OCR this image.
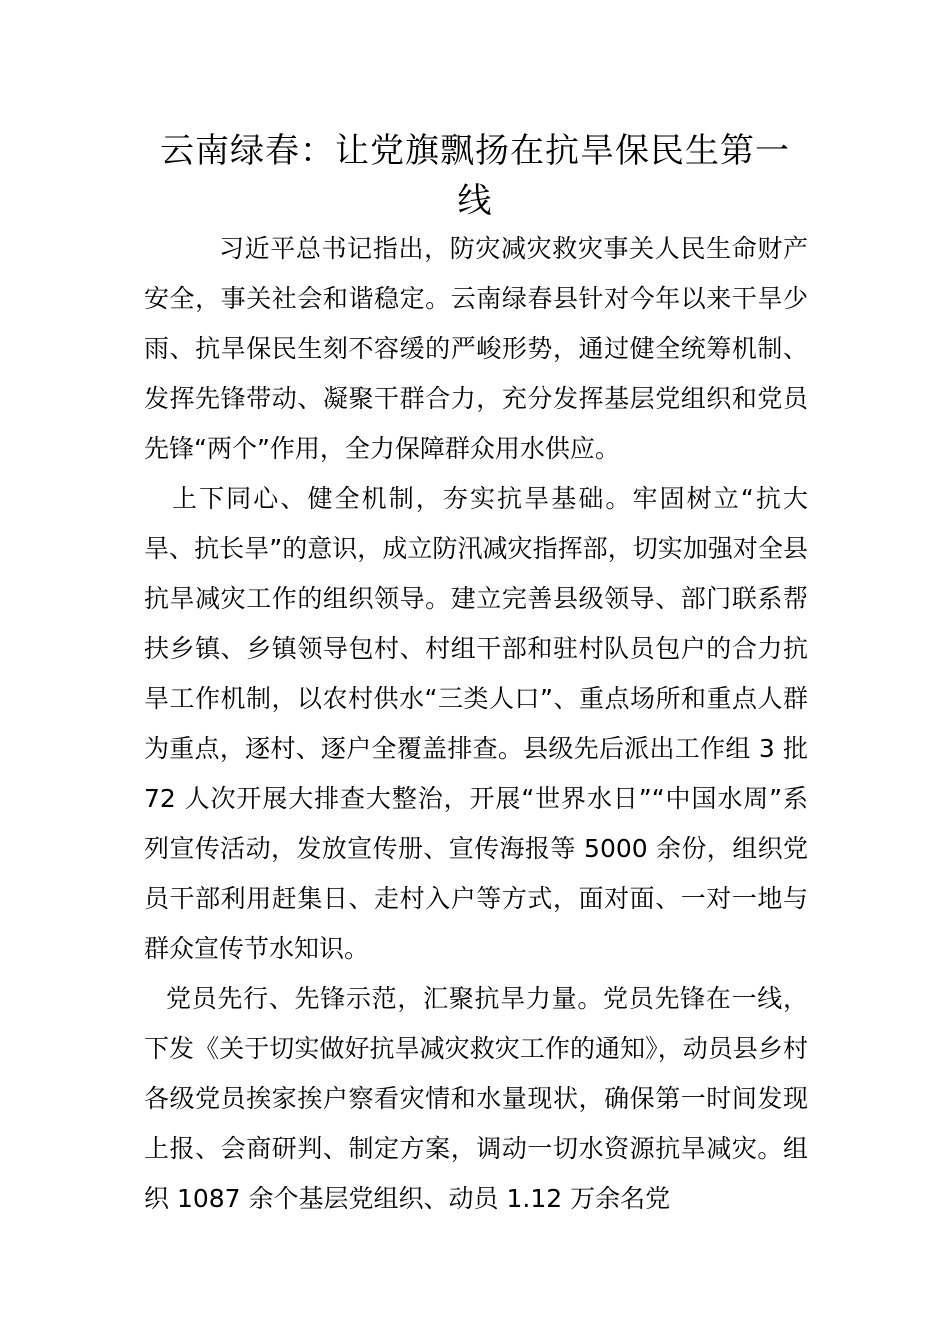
云南绿春：让党旗飘扬在抗旱保民生第一线

习近平总书记指出，防灾减灾救灾事关人民生命财产安全，事关社会和谐稳定。云南绿春县针对今年以来干旱少雨、抗旱保民生刻不容缓的严峻形势，通过健全统筹机制、发挥先锋带动、凝聚干群合力，充分发挥基层党组织和党员先锋“两个”作用，全力保障群众用水供应。

上下同心、健全机制，夯实抗旱基础。牢固树立“抗大旱、抗长旱”的意识，成立防汛减灾指挥部，切实加强对全县抗旱减灾工作的组织领导。建立完善县级领导、部门联系帮扶乡镇、乡镇领导包村、村组干部和驻村队员包户的合力抗旱工作机制，以农村供水“三类人口”、重点场所和重点人群为重点，逐村、逐户全覆盖排查。县级先后派出工作组 3 批 72 人次开展大排查大整治，开展“世界水日”“中国水周”系列宣传活动，发放宣传册、宣传海报等 5000 余份，组织党员干部利用赶集日、走村入户等方式，面对面、一对一地与群众宣传节水知识。

党员先行、先锋示范，汇聚抗旱力量。党员先锋在一线，下发《关于切实做好抗旱减灾救灾工作的通知》，动员县乡村各级党员挨家挨户察看灾情和水量现状，确保第一时间发现上报、会商研判、制定方案，调动一切水资源抗旱减灾。组织 1087 余个基层党组织、动员 1.12 万余名党
